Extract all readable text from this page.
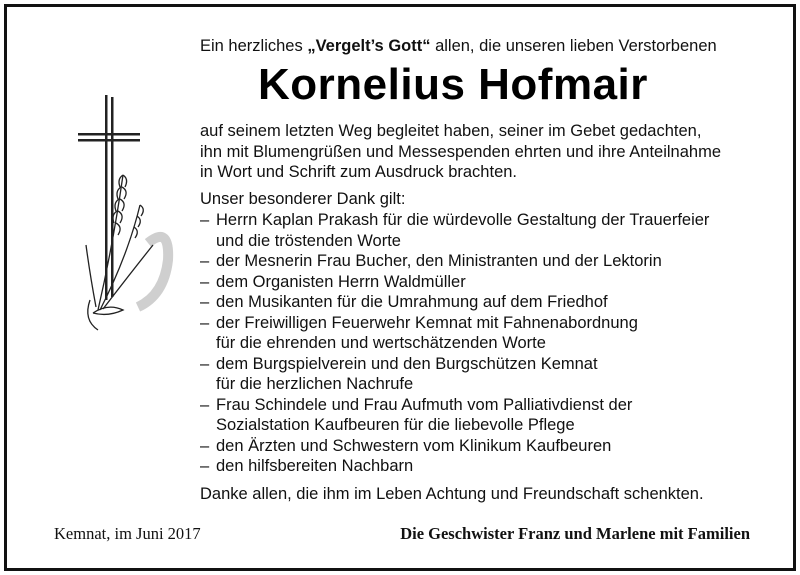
Ein herzliches „Vergelt’s Gott“ allen, die unseren lieben Verstorbenen
Kornelius Hofmair
auf seinem letzten Weg begleitet haben, seiner im Gebet gedachten,
ihn mit Blumengrüßen und Messespenden ehrten und ihre Anteilnahme
in Wort und Schrift zum Ausdruck brachten.
Unser besonderer Dank gilt:
– Herrn Kaplan Prakash für die würdevolle Gestaltung der Trauerfeier
und die tröstenden Worte
– der Mesnerin Frau Bucher, den Ministranten und der Lektorin
– dem Organisten Herrn Waldmüller
– den Musikanten für die Umrahmung auf dem Friedhof
– der Freiwilligen Feuerwehr Kemnat mit Fahnenabordnung
für die ehrenden und wertschätzenden Worte
– dem Burgspielverein und den Burgschützen Kemnat
für die herzlichen Nachrufe
– Frau Schindele und Frau Aufmuth vom Palliativdienst der
Sozialstation Kaufbeuren für die liebevolle Pflege
– den Ärzten und Schwestern vom Klinikum Kaufbeuren
– den hilfsbereiten Nachbarn
Danke allen, die ihm im Leben Achtung und Freundschaft schenkten.
Kemnat, im Juni 2017	Die Geschwister Franz und Marlene mit Familien
